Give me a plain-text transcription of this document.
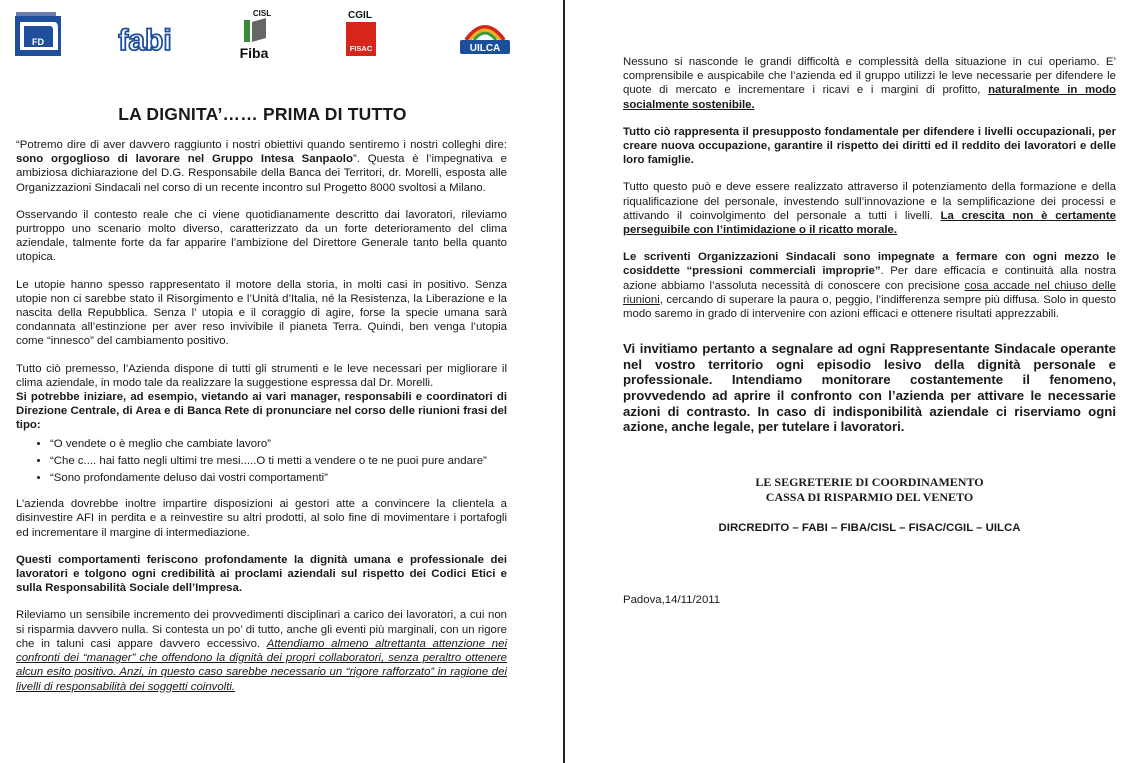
FD fabi
CISL
Fiba
CGIL
FISAC	UILCA
LA DIGNITA’…… PRIMA DI TUTTO

“Potremo dire di aver davvero raggiunto i nostri obiettivi quando sentiremo i nostri colleghi dire: sono orgoglioso di lavorare nel Gruppo Intesa Sanpaolo”. Questa è l’impegnativa e ambiziosa dichiarazione del D.G. Responsabile della Banca dei Territori, dr. Morelli, esposta alle Organizzazioni Sindacali nel corso di un recente incontro sul Progetto 8000 svoltosi a Milano.

Osservando il contesto reale che ci viene quotidianamente descritto dai lavoratori, rileviamo purtroppo uno scenario molto diverso, caratterizzato da un forte deterioramento del clima aziendale, talmente forte da far apparire l’ambizione del Direttore Generale tanto bella quanto utopica.

Le utopie hanno spesso rappresentato il motore della storia, in molti casi in positivo. Senza utopie non ci sarebbe stato il Risorgimento e l’Unità d’Italia, né la Resistenza, la Liberazione e la nascita della Repubblica. Senza l’ utopia e il coraggio di agire, forse la specie umana sarà condannata all’estinzione per aver reso invivibile il pianeta Terra. Quindi, ben venga l’utopia come “innesco” del cambiamento positivo.

Tutto ciò premesso, l’Azienda dispone di tutti gli strumenti e le leve necessari per migliorare il clima aziendale, in modo tale da realizzare la suggestione espressa dal Dr. Morelli.

Si potrebbe iniziare, ad esempio, vietando ai vari manager, responsabili e coordinatori di Direzione Centrale, di Area e di Banca Rete di pronunciare nel corso delle riunioni frasi del tipo:

• “O vendete o è meglio che cambiate lavoro”
• “Che c.... hai fatto negli ultimi tre mesi.....O ti metti a vendere o te ne puoi pure andare”
• “Sono profondamente deluso dai vostri comportamenti”

L’azienda dovrebbe inoltre impartire disposizioni ai gestori atte a convincere la clientela a disinvestire AFI in perdita e a reinvestire su altri prodotti, al solo fine di movimentare i portafogli ed incrementare il margine di intermediazione.

Questi comportamenti feriscono profondamente la dignità umana e professionale dei lavoratori e tolgono ogni credibilità ai proclami aziendali sul rispetto dei Codici Etici e sulla Responsabilità Sociale dell’Impresa.

Rileviamo un sensibile incremento dei provvedimenti disciplinari a carico dei lavoratori, a cui non si risparmia davvero nulla. Si contesta un po’ di tutto, anche gli eventi più marginali, con un rigore che in taluni casi appare davvero eccessivo. Attendiamo almeno altrettanta attenzione nei confronti dei “manager” che offendono la dignità dei propri collaboratori, senza peraltro ottenere alcun esito positivo. Anzi, in questo caso sarebbe necessario un “rigore rafforzato” in ragione dei livelli di responsabilità dei soggetti coinvolti.

Nessuno si nasconde le grandi difficoltà e complessità della situazione in cui operiamo. E’ comprensibile e auspicabile che l’azienda ed il gruppo utilizzi le leve necessarie per difendere le quote di mercato e incrementare i ricavi e i margini di profitto, naturalmente in modo socialmente sostenibile.

Tutto ciò rappresenta il presupposto fondamentale per difendere i livelli occupazionali, per creare nuova occupazione, garantire il rispetto dei diritti ed il reddito dei lavoratori e delle loro famiglie.

Tutto questo può e deve essere realizzato attraverso il potenziamento della formazione e della riqualificazione del personale, investendo sull’innovazione e la semplificazione dei processi e attivando il coinvolgimento del personale a tutti i livelli. La crescita non è certamente perseguibile con l’intimidazione o il ricatto morale.

Le scriventi Organizzazioni Sindacali sono impegnate a fermare con ogni mezzo le cosiddette “pressioni commerciali improprie”. Per dare efficacia e continuità alla nostra azione abbiamo l’assoluta necessità di conoscere con precisione cosa accade nel chiuso delle riunioni, cercando di superare la paura o, peggio, l’indifferenza sempre più diffusa. Solo in questo modo saremo in grado di intervenire con azioni efficaci e ottenere risultati apprezzabili.

Vi invitiamo pertanto a segnalare ad ogni Rappresentante Sindacale operante nel vostro territorio ogni episodio lesivo della dignità personale e professionale. Intendiamo monitorare costantemente il fenomeno, provvedendo ad aprire il confronto con l’azienda per attivare le necessarie azioni di contrasto. In caso di indisponibilità aziendale ci riserviamo ogni azione, anche legale, per tutelare i lavoratori.

LE SEGRETERIE DI COORDINAMENTO
CASSA DI RISPARMIO DEL VENETO
DIRCREDITO – FABI – FIBA/CISL – FISAC/CGIL – UILCA
Padova,14/11/2011
